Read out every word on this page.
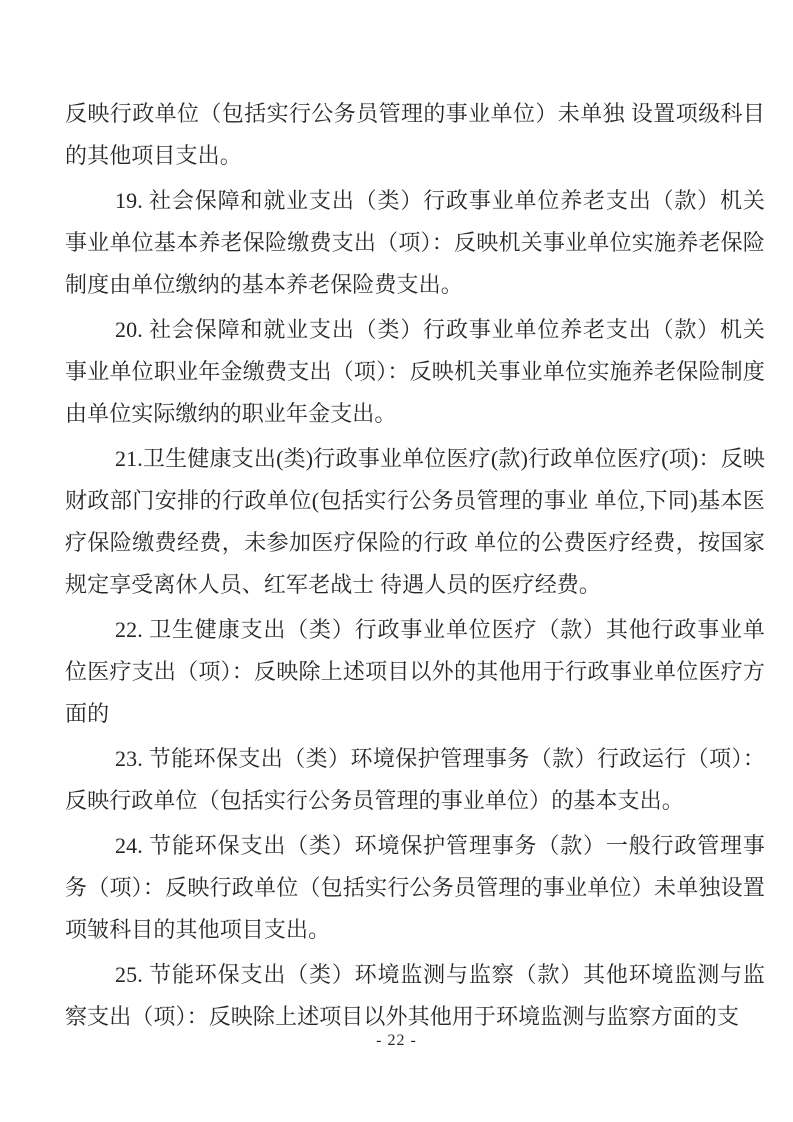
反映行政单位（包括实行公务员管理的事业单位）未单独 设置项级科目的其他项目支出。

19. 社会保障和就业支出（类）行政事业单位养老支出（款）机关事业单位基本养老保险缴费支出（项）：反映机关事业单位实施养老保险制度由单位缴纳的基本养老保险费支出。

20. 社会保障和就业支出（类）行政事业单位养老支出（款）机关事业单位职业年金缴费支出（项）：反映机关事业单位实施养老保险制度由单位实际缴纳的职业年金支出。

21.卫生健康支出(类)行政事业单位医疗(款)行政单位医疗(项)：反映财政部门安排的行政单位(包括实行公务员管理的事业 单位,下同)基本医疗保险缴费经费，未参加医疗保险的行政 单位的公费医疗经费，按国家规定享受离休人员、红军老战士 待遇人员的医疗经费。

22. 卫生健康支出（类）行政事业单位医疗（款）其他行政事业单位医疗支出（项）：反映除上述项目以外的其他用于行政事业单位医疗方面的

23. 节能环保支出（类）环境保护管理事务（款）行政运行（项）：反映行政单位（包括实行公务员管理的事业单位）的基本支出。

24. 节能环保支出（类）环境保护管理事务（款）一般行政管理事务（项）：反映行政单位（包括实行公务员管理的事业单位）未单独设置项皱科目的其他项目支出。

25. 节能环保支出（类）环境监测与监察（款）其他环境监测与监察支出（项）：反映除上述项目以外其他用于环境监测与监察方面的支

- 22 -
